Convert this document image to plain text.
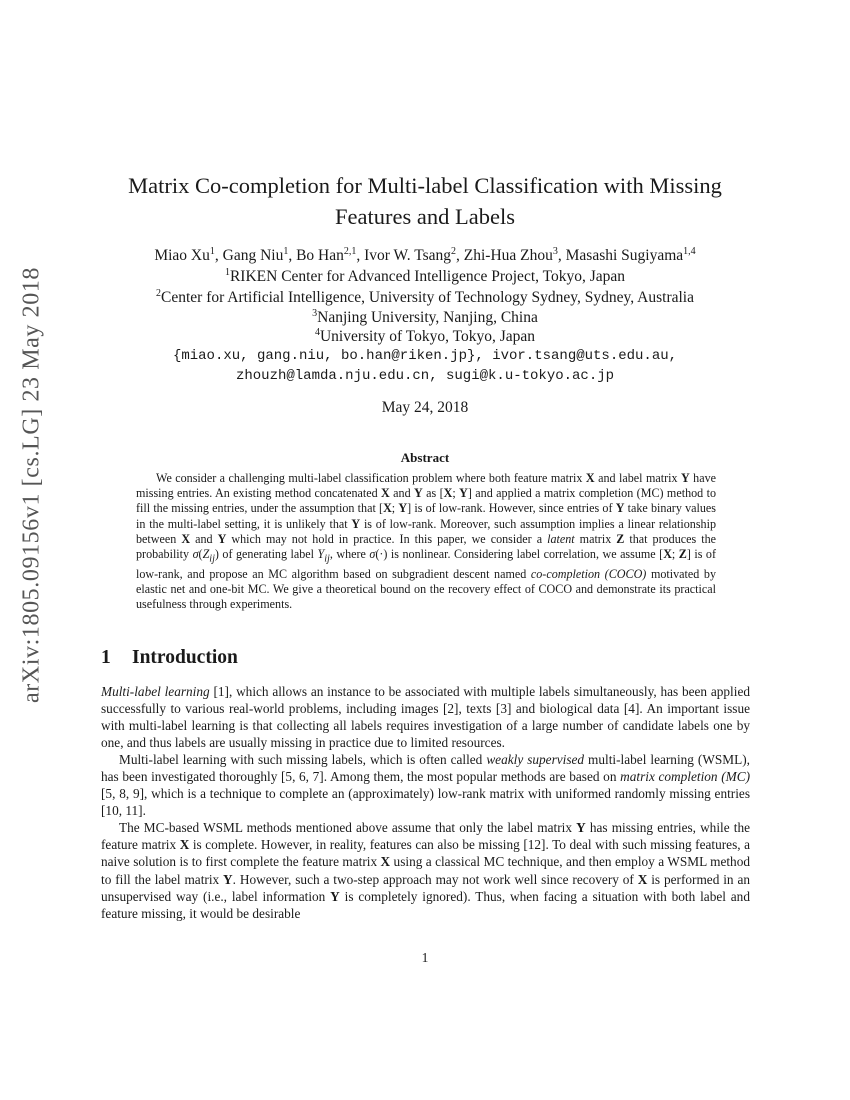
arXiv:1805.09156v1 [cs.LG] 23 May 2018
Matrix Co-completion for Multi-label Classification with Missing
Features and Labels
Miao Xu$^1$, Gang Niu$^1$, Bo Han$^{2,1}$, Ivor W. Tsang$^2$, Zhi-Hua Zhou$^3$, Masashi Sugiyama$^{1,4}$
$^1$RIKEN Center for Advanced Intelligence Project, Tokyo, Japan
$^2$Center for Artificial Intelligence, University of Technology Sydney, Sydney, Australia
$^3$Nanjing University, Nanjing, China
$^4$University of Tokyo, Tokyo, Japan
{miao.xu, gang.niu, bo.han@riken.jp}, ivor.tsang@uts.edu.au,
zhouzh@lamda.nju.edu.cn, sugi@k.u-tokyo.ac.jp
May 24, 2018
Abstract

We consider a challenging multi-label classification problem where both feature matrix X and label matrix Y have missing entries. An existing method concatenated X and Y as [X; Y] and applied a matrix completion (MC) method to fill the missing entries, under the assumption that [X; Y] is of low-rank. However, since entries of Y take binary values in the multi-label setting, it is unlikely that Y is of low-rank. Moreover, such assumption implies a linear relationship between X and Y which may not hold in practice. In this paper, we consider a latent matrix Z that produces the probability $\sigma(Z_{ij})$ of generating label $Y_{ij}$, where σ(·) is nonlinear. Considering label correlation, we assume [X; Z] is of low-rank, and propose an MC algorithm based on subgradient descent named co-completion (COCO) motivated by elastic net and one-bit MC. We give a theoretical bound on the recovery effect of COCO and demonstrate its practical usefulness through experiments.

1 Introduction

Multi-label learning [1], which allows an instance to be associated with multiple labels simultaneously, has been applied successfully to various real-world problems, including images [2], texts [3] and biological data [4]. An important issue with multi-label learning is that collecting all labels requires investigation of a large number of candidate labels one by one, and thus labels are usually missing in practice due to limited resources.

Multi-label learning with such missing labels, which is often called weakly supervised multi-label learning (WSML), has been investigated thoroughly [5, 6, 7]. Among them, the most popular methods are based on matrix completion (MC) [5, 8, 9], which is a technique to complete an (approximately) low-rank matrix with uniformed randomly missing entries [10, 11].

The MC-based WSML methods mentioned above assume that only the label matrix Y has missing entries, while the feature matrix X is complete. However, in reality, features can also be missing [12]. To deal with such missing features, a naive solution is to first complete the feature matrix X using a classical MC technique, and then employ a WSML method to fill the label matrix Y. However, such a two-step approach may not work well since recovery of X is performed in an unsupervised way (i.e., label information Y is completely ignored). Thus, when facing a situation with both label and feature missing, it would be desirable

1
